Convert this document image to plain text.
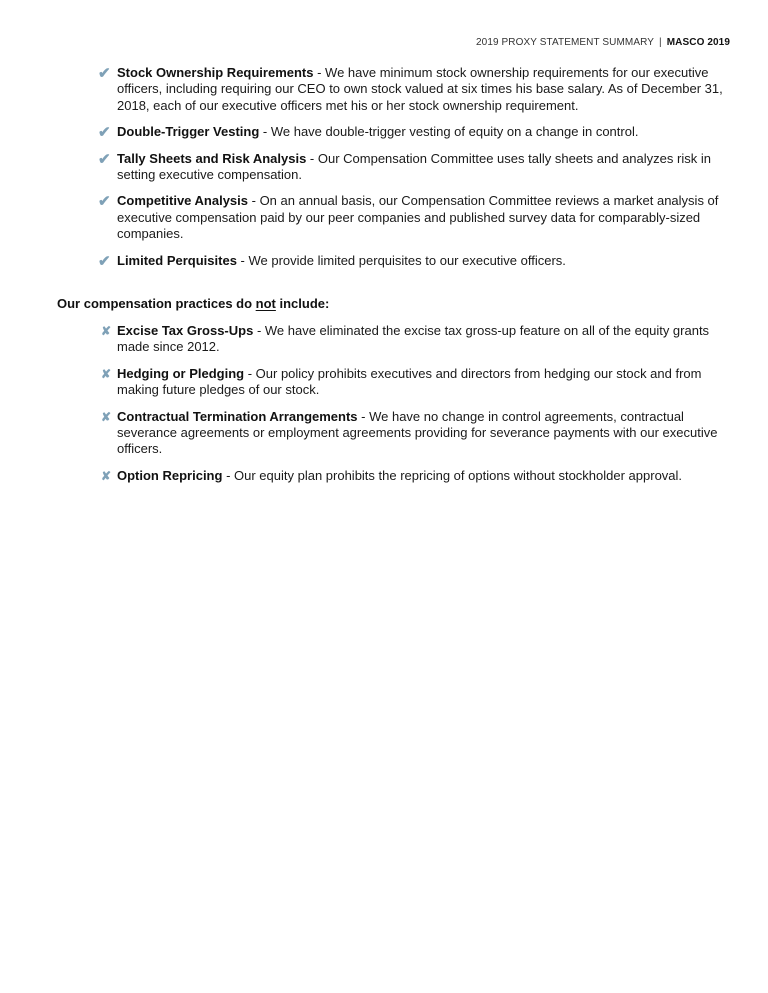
2019 PROXY STATEMENT SUMMARY | MASCO 2019
✔ Stock Ownership Requirements - We have minimum stock ownership requirements for our executive officers, including requiring our CEO to own stock valued at six times his base salary. As of December 31, 2018, each of our executive officers met his or her stock ownership requirement.
✔ Double-Trigger Vesting - We have double-trigger vesting of equity on a change in control.
✔ Tally Sheets and Risk Analysis - Our Compensation Committee uses tally sheets and analyzes risk in setting executive compensation.
✔ Competitive Analysis - On an annual basis, our Compensation Committee reviews a market analysis of executive compensation paid by our peer companies and published survey data for comparably-sized companies.
✔ Limited Perquisites - We provide limited perquisites to our executive officers.
Our compensation practices do not include:
✘ Excise Tax Gross-Ups - We have eliminated the excise tax gross-up feature on all of the equity grants made since 2012.
✘ Hedging or Pledging - Our policy prohibits executives and directors from hedging our stock and from making future pledges of our stock.
✘ Contractual Termination Arrangements - We have no change in control agreements, contractual severance agreements or employment agreements providing for severance payments with our executive officers.
✘ Option Repricing - Our equity plan prohibits the repricing of options without stockholder approval.
